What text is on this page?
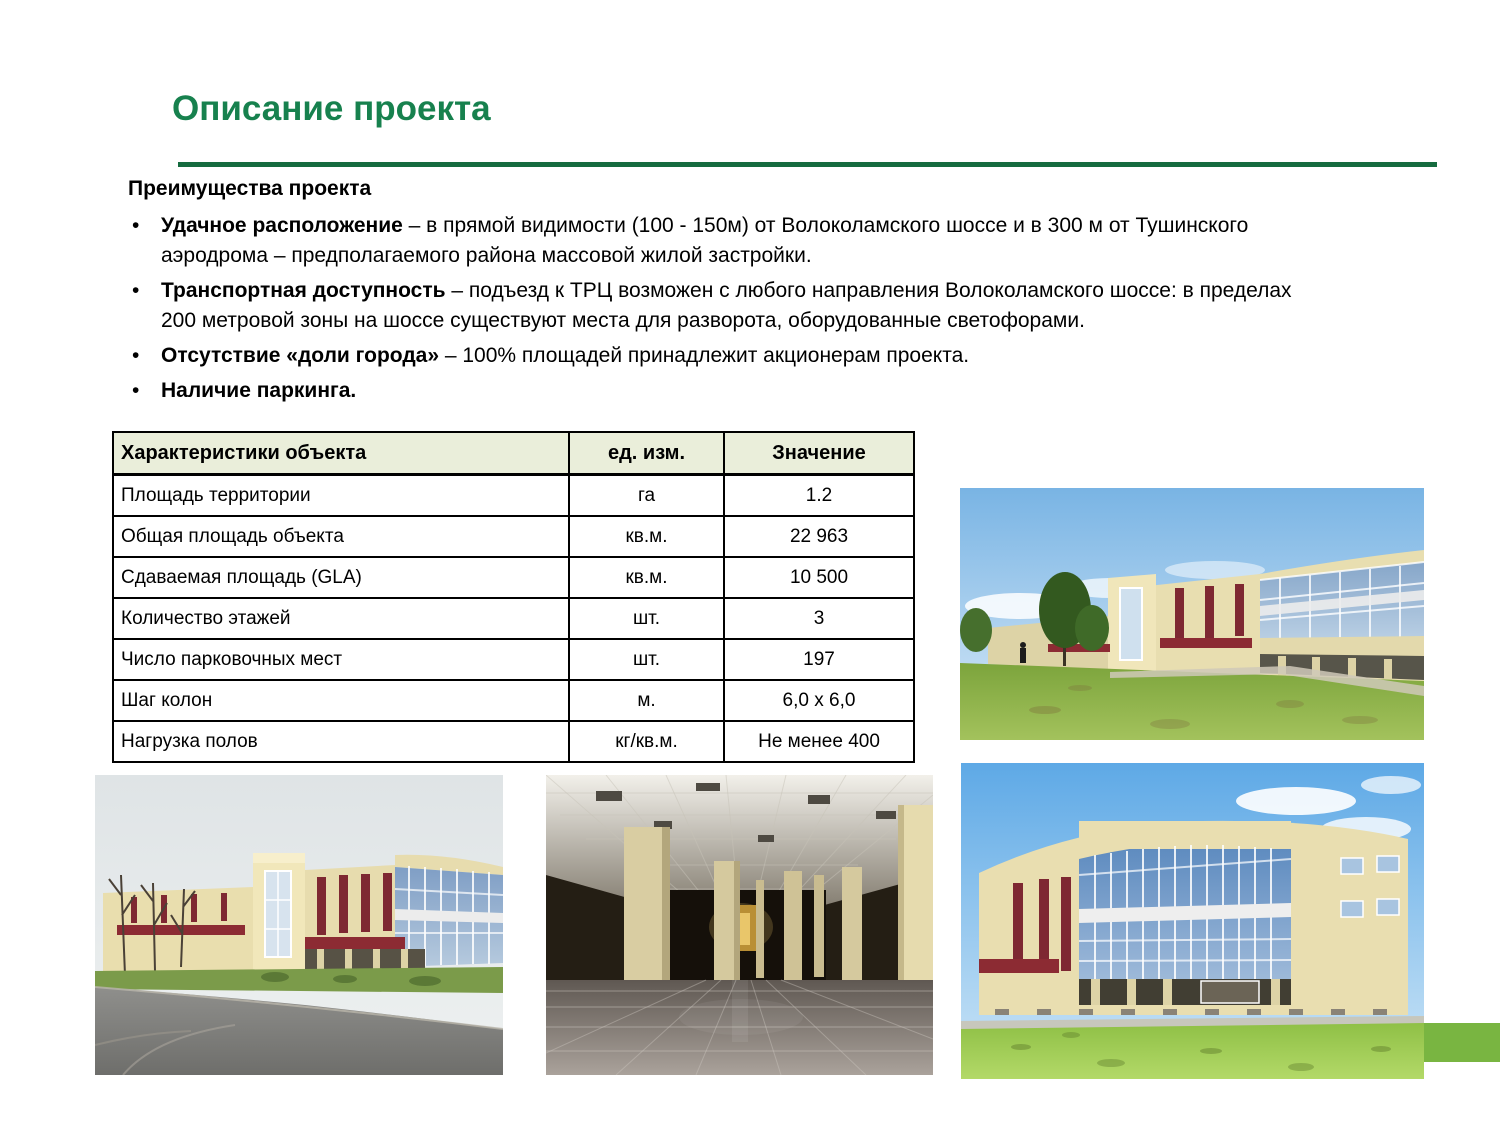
Описание проекта

Преимущества проекта

• Удачное расположение – в прямой видимости (100 - 150м) от Волоколамского шоссе и в 300 м от Тушинского аэродрома – предполагаемого района массовой жилой застройки.
• Транспортная доступность – подъезд к ТРЦ возможен с любого направления Волоколамского шоссе: в пределах 200 метровой зоны на шоссе существуют места для разворота, оборудованные светофорами.
• Отсутствие «доли города» – 100% площадей принадлежит акционерам проекта.
• Наличие паркинга.
Характеристики объекта	ед. изм.	Значение
Площадь территории	га	1.2
Общая площадь объекта	кв.м.	22 963
Сдаваемая площадь (GLA)	кв.м.	10 500
Количество этажей	шт.	3
Число парковочных мест	шт.	197
Шаг колон	м.	6,0 x 6,0
Нагрузка полов	кг/кв.м.	Не менее 400
